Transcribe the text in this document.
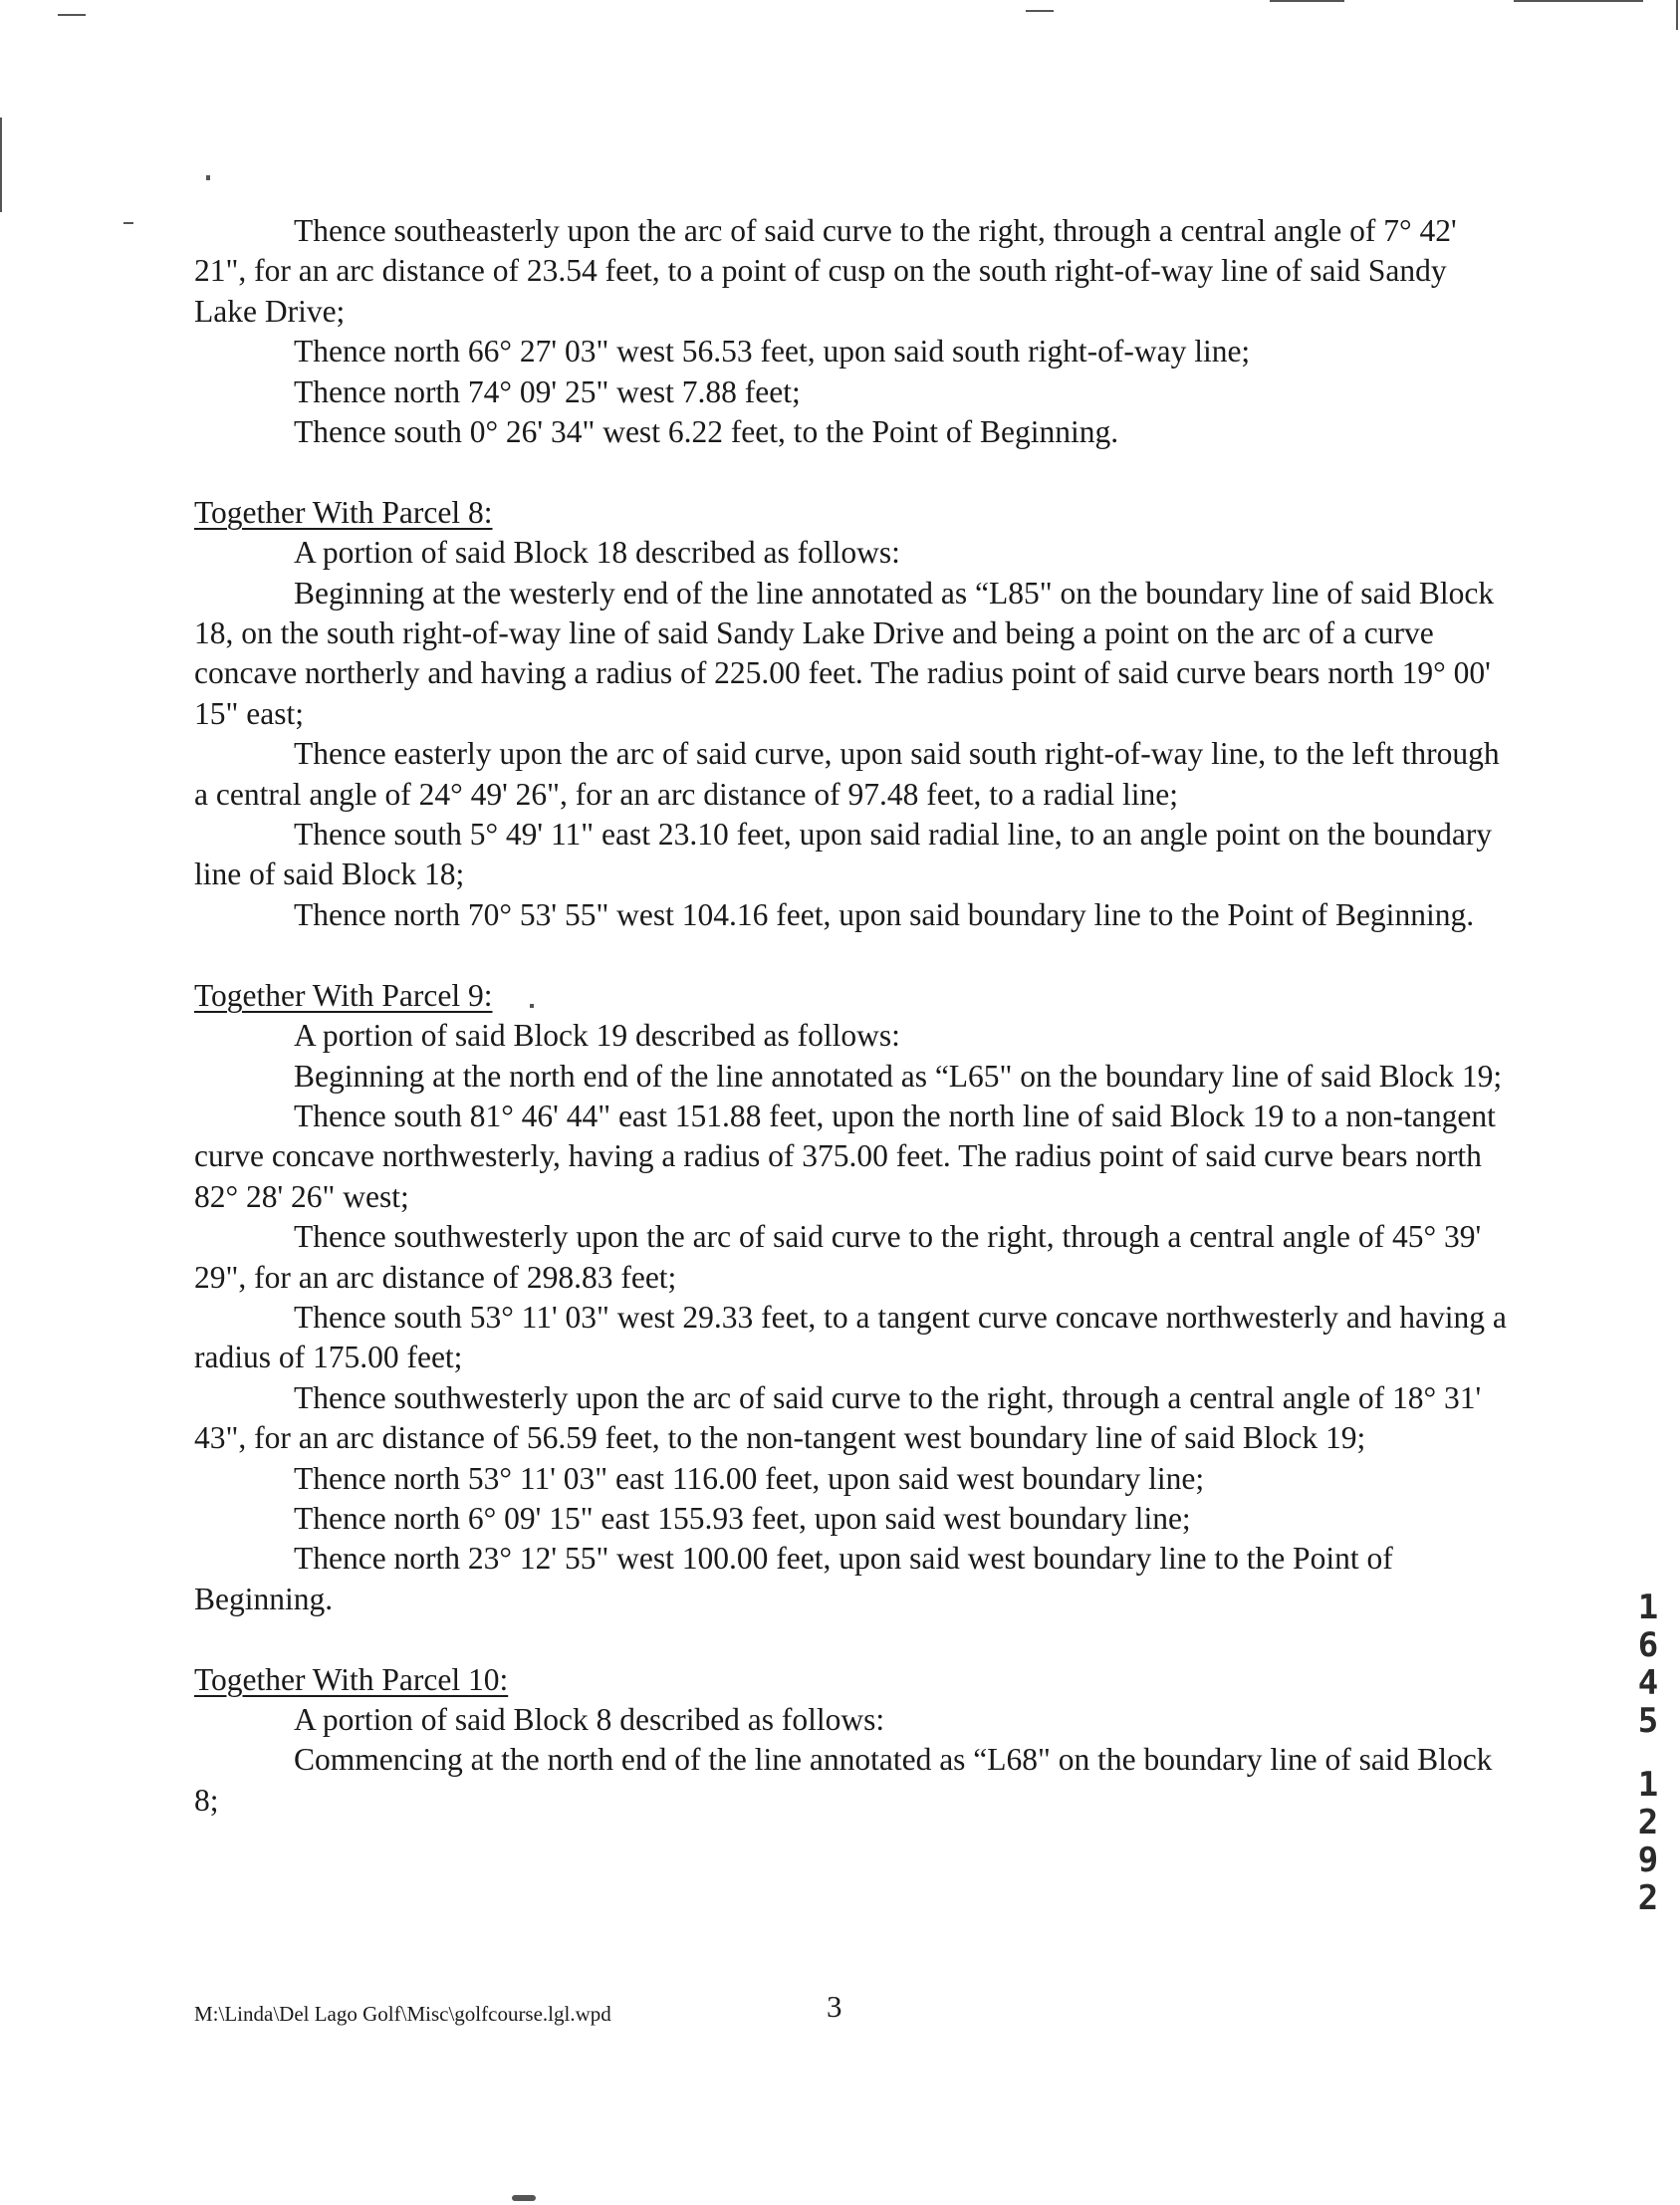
Thence southeasterly upon the arc of said curve to the right, through a central angle of 7° 42' 21", for an arc distance of 23.54 feet, to a point of cusp on the south right-of-way line of said Sandy Lake Drive;

Thence north 66° 27' 03" west 56.53 feet, upon said south right-of-way line;

Thence north 74° 09' 25" west 7.88 feet;

Thence south 0° 26' 34" west 6.22 feet, to the Point of Beginning.

Together With Parcel 8:

A portion of said Block 18 described as follows:

Beginning at the westerly end of the line annotated as “L85" on the boundary line of said Block 18, on the south right-of-way line of said Sandy Lake Drive and being a point on the arc of a curve concave northerly and having a radius of 225.00 feet. The radius point of said curve bears north 19° 00' 15" east;

Thence easterly upon the arc of said curve, upon said south right-of-way line, to the left through a central angle of 24° 49' 26", for an arc distance of 97.48 feet, to a radial line;

Thence south 5° 49' 11" east 23.10 feet, upon said radial line, to an angle point on the boundary line of said Block 18;

Thence north 70° 53' 55" west 104.16 feet, upon said boundary line to the Point of Beginning.

Together With Parcel 9:

A portion of said Block 19 described as follows:

Beginning at the north end of the line annotated as “L65" on the boundary line of said Block 19;

Thence south 81° 46' 44" east 151.88 feet, upon the north line of said Block 19 to a non-tangent curve concave northwesterly, having a radius of 375.00 feet. The radius point of said curve bears north 82° 28' 26" west;

Thence southwesterly upon the arc of said curve to the right, through a central angle of 45° 39' 29", for an arc distance of 298.83 feet;

Thence south 53° 11' 03" west 29.33 feet, to a tangent curve concave northwesterly and having a radius of 175.00 feet;

Thence southwesterly upon the arc of said curve to the right, through a central angle of 18° 31' 43", for an arc distance of 56.59 feet, to the non-tangent west boundary line of said Block 19;

Thence north 53° 11' 03" east 116.00 feet, upon said west boundary line;

Thence north 6° 09' 15" east 155.93 feet, upon said west boundary line;

Thence north 23° 12' 55" west 100.00 feet, upon said west boundary line to the Point of Beginning.

Together With Parcel 10:

A portion of said Block 8 described as follows:

Commencing at the north end of the line annotated as “L68" on the boundary line of said Block 8;

M:\Linda\Del Lago Golf\Misc\golfcourse.lgl.wpd	3
1
6
4
5
1
2
9
2
